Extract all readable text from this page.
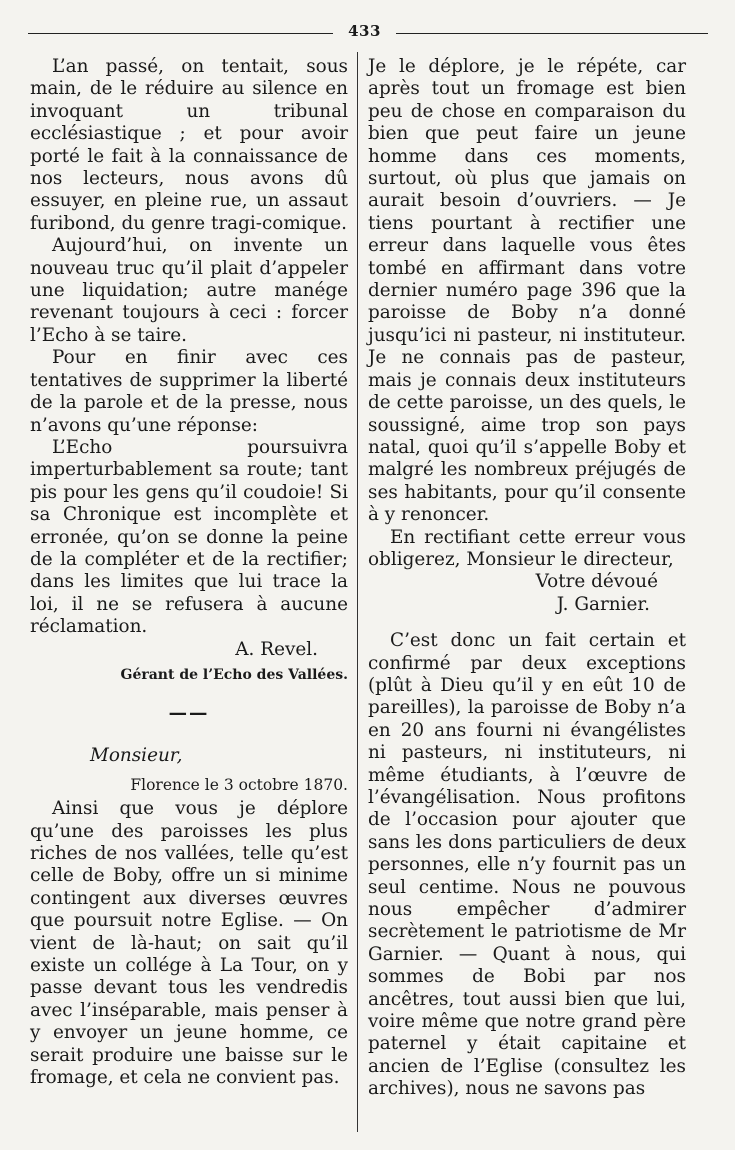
433

L’an passé, on tentait, sous main, de le réduire au silence en invoquant un tribunal ecclésiastique ; et pour avoir porté le fait à la connaissance de nos lecteurs, nous avons dû essuyer, en pleine rue, un assaut furibond, du genre tragi-comique.

Aujourd’hui, on invente un nouveau truc qu’il plait d’appeler une liquidation; autre manége revenant toujours à ceci : forcer l’Echo à se taire.

Pour en finir avec ces tentatives de supprimer la liberté de la parole et de la presse, nous n’avons qu’une réponse:

L’Echo poursuivra imperturbablement sa route; tant pis pour les gens qu’il coudoie! Si sa Chronique est incomplète et erronée, qu’on se donne la peine de la compléter et de la rectifier; dans les limites que lui trace la loi, il ne se refusera à aucune réclamation.

A. Revel.

Gérant de l’Echo des Vallées.

——

Monsieur,

Florence le 3 octobre 1870.

Ainsi que vous je déplore qu’une des paroisses les plus riches de nos vallées, telle qu’est celle de Boby, offre un si minime contingent aux diverses œuvres que poursuit notre Eglise. — On vient de là-haut; on sait qu’il existe un collége à La Tour, on y passe devant tous les vendredis avec l’inséparable, mais penser à y envoyer un jeune homme, ce serait produire une baisse sur le fromage, et cela ne convient pas.

Je le déplore, je le répéte, car après tout un fromage est bien peu de chose en comparaison du bien que peut faire un jeune homme dans ces moments, surtout, où plus que jamais on aurait besoin d’ouvriers. — Je tiens pourtant à rectifier une erreur dans laquelle vous êtes tombé en affirmant dans votre dernier numéro page 396 que la paroisse de Boby n’a donné jusqu’ici ni pasteur, ni instituteur. Je ne connais pas de pasteur, mais je connais deux instituteurs de cette paroisse, un des quels, le soussigné, aime trop son pays natal, quoi qu’il s’appelle Boby et malgré les nombreux préjugés de ses habitants, pour qu’il consente à y renoncer.

En rectifiant cette erreur vous obligerez, Monsieur le directeur,

Votre dévoué

J. Garnier.

C’est donc un fait certain et confirmé par deux exceptions (plût à Dieu qu’il y en eût 10 de pareilles), la paroisse de Boby n’a en 20 ans fourni ni évangélistes ni pasteurs, ni instituteurs, ni même étudiants, à l’œuvre de l’évangélisation. Nous profitons de l’occasion pour ajouter que sans les dons particuliers de deux personnes, elle n’y fournit pas un seul centime. Nous ne pouvous nous empêcher d’admirer secrètement le patriotisme de Mr Garnier. — Quant à nous, qui sommes de Bobi par nos ancêtres, tout aussi bien que lui, voire même que notre grand père paternel y était capitaine et ancien de l’Eglise (consultez les archives), nous ne savons pas
